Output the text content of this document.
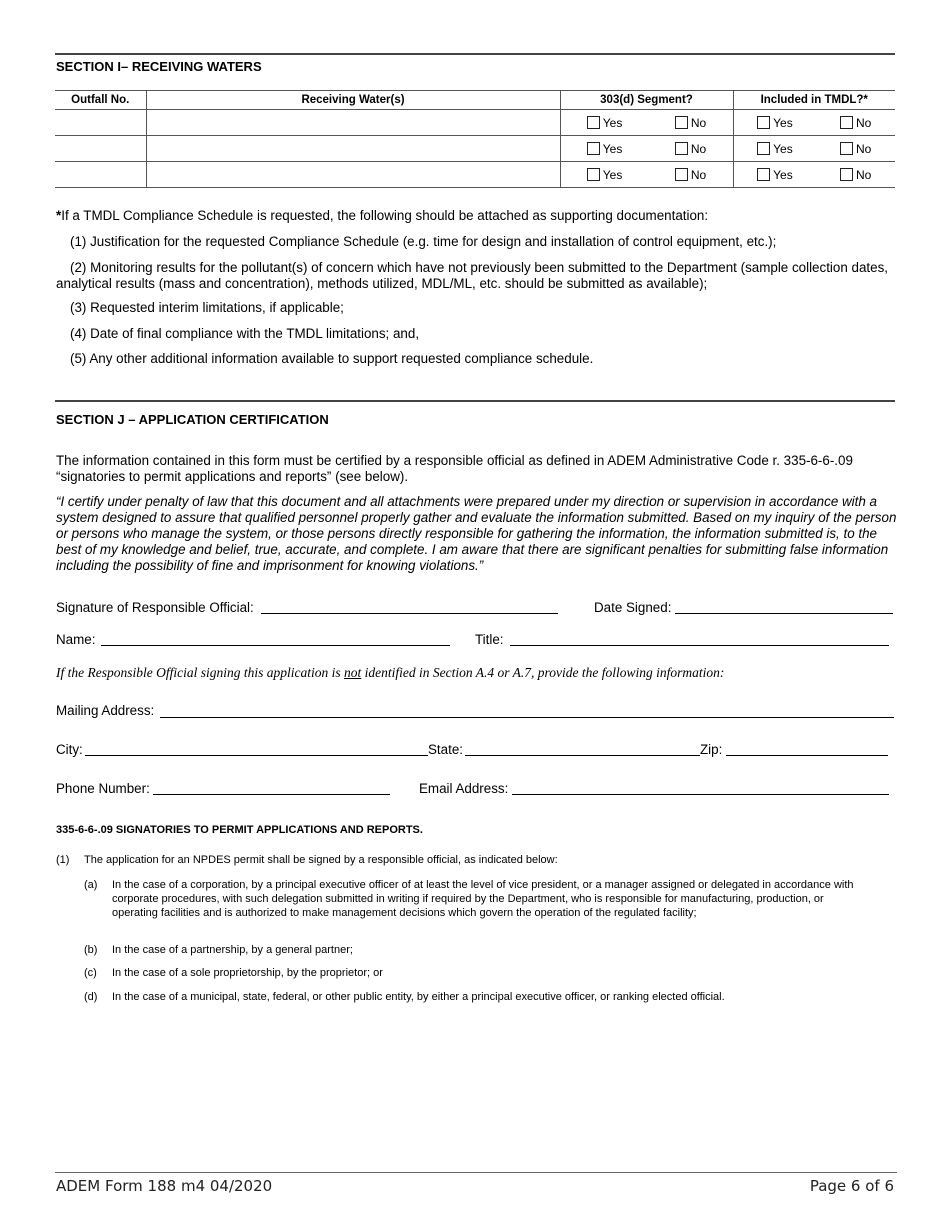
SECTION I– RECEIVING WATERS
Outfall No.	Receiving Water(s)	303(d) Segment?	Included in TMDL?*

		Yes No	Yes No

		Yes No	Yes No

		Yes No	Yes No
*If a TMDL Compliance Schedule is requested, the following should be attached as supporting documentation:
(1) Justification for the requested Compliance Schedule (e.g. time for design and installation of control equipment, etc.);
(2) Monitoring results for the pollutant(s) of concern which have not previously been submitted to the Department (sample collection dates, analytical results (mass and concentration), methods utilized, MDL/ML, etc. should be submitted as available);
(3) Requested interim limitations, if applicable;
(4) Date of final compliance with the TMDL limitations; and,
(5) Any other additional information available to support requested compliance schedule.
SECTION J – APPLICATION CERTIFICATION
The information contained in this form must be certified by a responsible official as defined in ADEM Administrative Code r. 335-6-6-.09 “signatories to permit applications and reports” (see below).
“I certify under penalty of law that this document and all attachments were prepared under my direction or supervision in accordance with a system designed to assure that qualified personnel properly gather and evaluate the information submitted. Based on my inquiry of the person or persons who manage the system, or those persons directly responsible for gathering the information, the information submitted is, to the best of my knowledge and belief, true, accurate, and complete. I am aware that there are significant penalties for submitting false information including the possibility of fine and imprisonment for knowing violations.”
Signature of Responsible Official:	Date Signed:
Name:	Title:
If the Responsible Official signing this application is not identified in Section A.4 or A.7, provide the following information:
Mailing Address:
City:	State:	Zip:
Phone Number:	Email Address:
335-6-6-.09 SIGNATORIES TO PERMIT APPLICATIONS AND REPORTS.
(1) The application for an NPDES permit shall be signed by a responsible official, as indicated below:
(a) In the case of a corporation, by a principal executive officer of at least the level of vice president, or a manager assigned or delegated in accordance with corporate procedures, with such delegation submitted in writing if required by the Department, who is responsible for manufacturing, production, or operating facilities and is authorized to make management decisions which govern the operation of the regulated facility;
(b) In the case of a partnership, by a general partner;
(c) In the case of a sole proprietorship, by the proprietor; or
(d) In the case of a municipal, state, federal, or other public entity, by either a principal executive officer, or ranking elected official.
ADEM Form 188 m4 04/2020	Page 6 of 6
